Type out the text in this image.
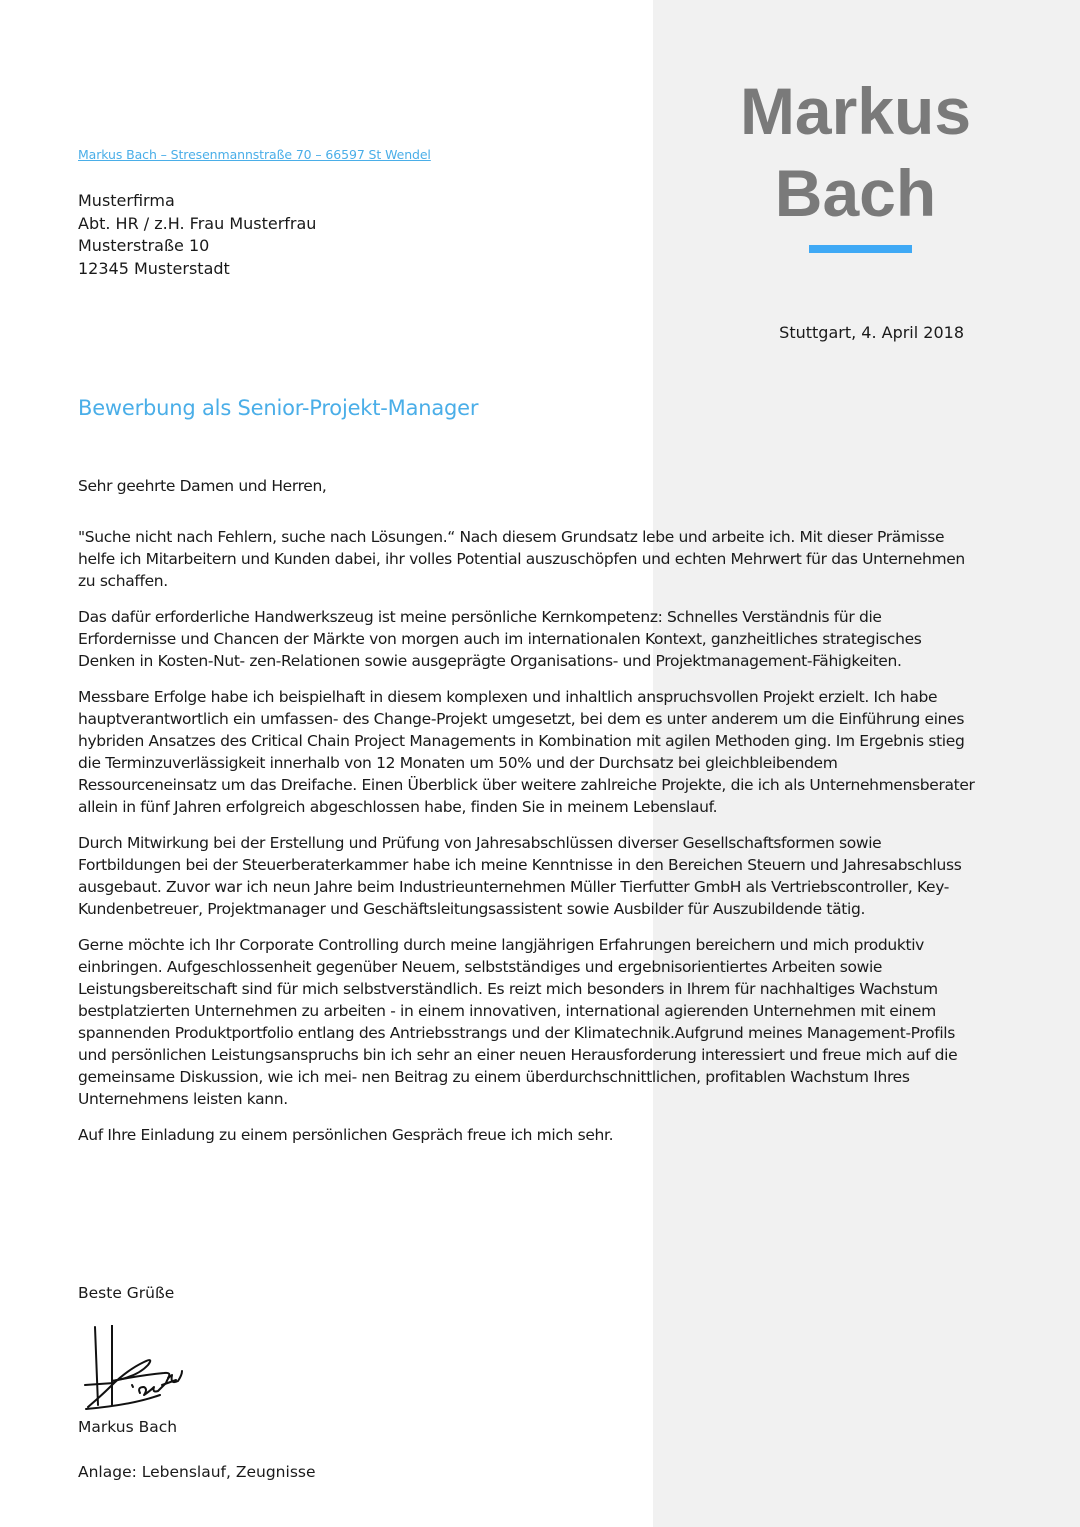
Markus
Bach
Markus Bach – Stresenmannstraße 70 – 66597 St Wendel
Musterfirma
Abt. HR / z.H. Frau Musterfrau
Musterstraße 10
12345 Musterstadt
Stuttgart, 4. April 2018
Bewerbung als Senior-Projekt-Manager

Sehr geehrte Damen und Herren,

"Suche nicht nach Fehlern, suche nach Lösungen.“ Nach diesem Grundsatz lebe und arbeite ich. Mit dieser Prämisse helfe ich Mitarbeitern und Kunden dabei, ihr volles Potential auszuschöpfen und echten Mehrwert für das Unternehmen zu schaffen.

Das dafür erforderliche Handwerkszeug ist meine persönliche Kernkompetenz: Schnelles Verständnis für die Erfordernisse und Chancen der Märkte von morgen auch im internationalen Kontext, ganzheitliches strategisches Denken in Kosten-Nut- zen-Relationen sowie ausgeprägte Organisations- und Projektmanagement-Fähigkeiten.

Messbare Erfolge habe ich beispielhaft in diesem komplexen und inhaltlich anspruchsvollen Projekt erzielt. Ich habe hauptverantwortlich ein umfassen- des Change-Projekt umgesetzt, bei dem es unter anderem um die Einführung eines hybriden Ansatzes des Critical Chain Project Managements in Kombination mit agilen Methoden ging. Im Ergebnis stieg die Terminzuverlässigkeit innerhalb von 12 Monaten um 50% und der Durchsatz bei gleichbleibendem Ressourceneinsatz um das Dreifache. Einen Überblick über weitere zahlreiche Projekte, die ich als Unternehmensberater allein in fünf Jahren erfolgreich abgeschlossen habe, finden Sie in meinem Lebenslauf.

Durch Mitwirkung bei der Erstellung und Prüfung von Jahresabschlüssen diverser Gesellschaftsformen sowie Fortbildungen bei der Steuerberaterkammer habe ich meine Kenntnisse in den Bereichen Steuern und Jahresabschluss ausgebaut. Zuvor war ich neun Jahre beim Industrieunternehmen Müller Tierfutter GmbH als Vertriebscontroller, Key-Kundenbetreuer, Projektmanager und Geschäftsleitungsassistent sowie Ausbilder für Auszubildende tätig.

Gerne möchte ich Ihr Corporate Controlling durch meine langjährigen Erfahrungen bereichern und mich produktiv einbringen. Aufgeschlossenheit gegenüber Neuem, selbstständiges und ergebnisorientiertes Arbeiten sowie Leistungsbereitschaft sind für mich selbstverständlich. Es reizt mich besonders in Ihrem für nachhaltiges Wachstum bestplatzierten Unternehmen zu arbeiten - in einem innovativen, international agierenden Unternehmen mit einem spannenden Produktportfolio entlang des Antriebsstrangs und der Klimatechnik.Aufgrund meines Management-Profils und persönlichen Leistungsanspruchs bin ich sehr an einer neuen Herausforderung interessiert und freue mich auf die gemeinsame Diskussion, wie ich mei- nen Beitrag zu einem überdurchschnittlichen, profitablen Wachstum Ihres Unternehmens leisten kann.

Auf Ihre Einladung zu einem persönlichen Gespräch freue ich mich sehr.

Beste Grüße
Markus Bach
Anlage: Lebenslauf, Zeugnisse
